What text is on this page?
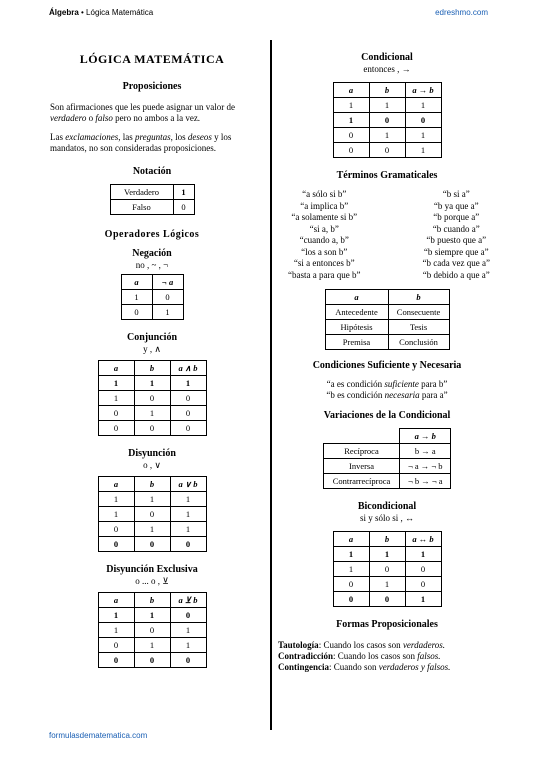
Álgebra • Lógica Matemática	edreshmo.com
LÓGICA MATEMÁTICA
Proposiciones
Son afirmaciones que les puede asignar un valor de verdadero o falso pero no ambos a la vez.
Las exclamaciones, las preguntas, los deseos y los mandatos, no son consideradas proposiciones.
Notación
Verdadero	1
Falso	0
Operadores Lógicos
Negación
no , ~ , ¬
a	¬ a
1	0
0	1
Conjunción
y , ∧
a	b	a ∧ b
1	1	1
1	0	0
0	1	0
0	0	0
Disyunción
o , ∨
a	b	a ∨ b
1	1	1
1	0	1
0	1	1
0	0	0
Disyunción Exclusiva
o ... o , ⊻
a	b	a ⊻ b
1	1	0
1	0	1
0	1	1
0	0	0
Condicional
entonces , →
a	b	a → b
1	1	1
1	0	0
0	1	1
0	0	1
Términos Gramaticales
“a sólo si b”
“a implica b”
“a solamente si b”
“si a, b”
“cuando a, b”
“los a son b”
“si a entonces b”
“basta a para que b”
“b si a”
“b ya que a”
“b porque a”
“b cuando a”
“b puesto que a”
“b siempre que a”
“b cada vez que a”
“b debido a que a”
a	b
Antecedente	Consecuente
Hipótesis	Tesis
Premisa	Conclusión
Condiciones Suficiente y Necesaria
“a es condición suficiente para b”
“b es condición necesaria para a”
Variaciones de la Condicional
	a → b
Recíproca	b → a
Inversa	¬ a → ¬ b
Contrarrecíproca	¬ b → ¬ a
Bicondicional
si y sólo si , ↔
a	b	a ↔ b
1	1	1
1	0	0
0	1	0
0	0	1
Formas Proposicionales
Tautología: Cuando los casos son verdaderos.
Contradicción: Cuando los casos son falsos.
Contingencia: Cuando son verdaderos y falsos.
formulasdematematica.com
